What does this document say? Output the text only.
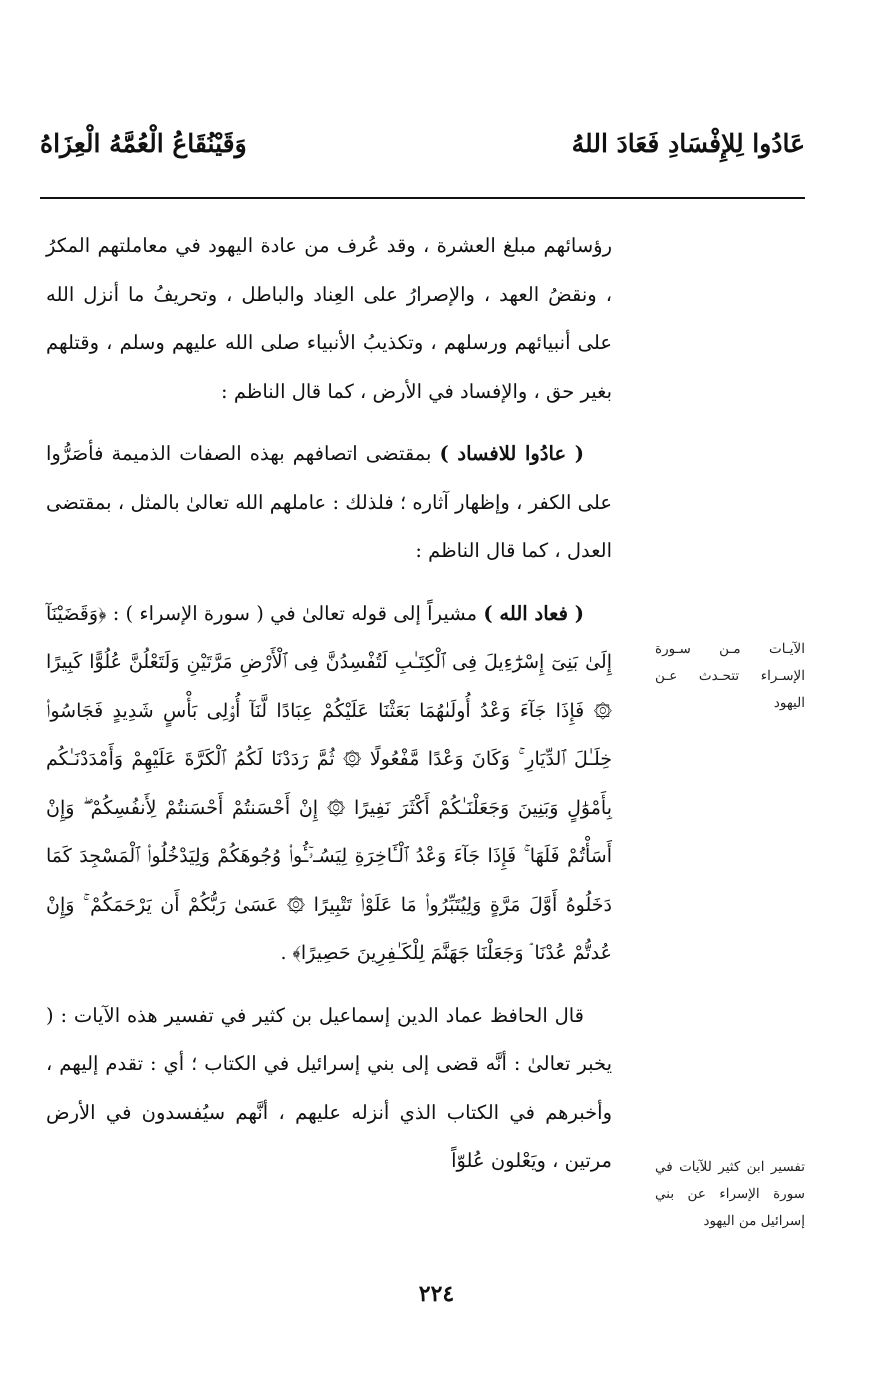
عَادُوا لِلإِفْسَادِ فَعَادَ اللهُ
وَقَيْنُقَاعُ الْعُمَّهُ الْعِزَاهُ

رؤسائهم مبلغ العشرة ، وقد عُرف من عادة اليهود في معاملتهم المكرُ ، ونقضُ العهد ، والإصرارُ على العِناد والباطل ، وتحريفُ ما أنزل الله على أنبيائهم ورسلهم ، وتكذيبُ الأنبياء صلى الله عليهم وسلم ، وقتلهم بغير حق ، والإفساد في الأرض ، كما قال الناظم :

( عادُوا للافساد ) بمقتضى اتصافهم بهذه الصفات الذميمة فأصَرُّوا على الكفر ، وإظهار آثاره ؛ فلذلك : عاملهم الله تعالىٰ بالمثل ، بمقتضى العدل ، كما قال الناظم :

( فعاد الله ) مشيراً إلى قوله تعالىٰ في ( سورة الإسراء ) : ﴿وَقَضَيْنَآ إِلَىٰ بَنِىٓ إِسْرَٰٓءِيلَ فِى ٱلْكِتَـٰبِ لَتُفْسِدُنَّ فِى ٱلْأَرْضِ مَرَّتَيْنِ وَلَتَعْلُنَّ عُلُوًّا كَبِيرًا ۞ فَإِذَا جَآءَ وَعْدُ أُولَىٰهُمَا بَعَثْنَا عَلَيْكُمْ عِبَادًا لَّنَآ أُو۟لِى بَأْسٍ شَدِيدٍ فَجَاسُوا۟ خِلَـٰلَ ٱلدِّيَارِ ۚ وَكَانَ وَعْدًا مَّفْعُولًا ۞ ثُمَّ رَدَدْنَا لَكُمُ ٱلْكَرَّةَ عَلَيْهِمْ وَأَمْدَدْنَـٰكُم بِأَمْوَٰلٍ وَبَنِينَ وَجَعَلْنَـٰكُمْ أَكْثَرَ نَفِيرًا ۞ إِنْ أَحْسَنتُمْ أَحْسَنتُمْ لِأَنفُسِكُمْ ۖ وَإِنْ أَسَأْتُمْ فَلَهَا ۚ فَإِذَا جَآءَ وَعْدُ ٱلْـَٔاخِرَةِ لِيَسُـۥٓـُٔوا۟ وُجُوهَكُمْ وَلِيَدْخُلُوا۟ ٱلْمَسْجِدَ كَمَا دَخَلُوهُ أَوَّلَ مَرَّةٍ وَلِيُتَبِّرُوا۟ مَا عَلَوْا۟ تَتْبِيرًا ۞ عَسَىٰ رَبُّكُمْ أَن يَرْحَمَكُمْ ۚ وَإِنْ عُدتُّمْ عُدْنَا ۘ وَجَعَلْنَا جَهَنَّمَ لِلْكَـٰفِرِينَ حَصِيرًا﴾ .

قال الحافظ عماد الدين إسماعيل بن كثير في تفسير هذه الآيات : ( يخبر تعالىٰ : أنَّه قضى إلى بني إسرائيل في الكتاب ؛ أي : تقدم إليهم ، وأخبرهم في الكتاب الذي أنزله عليهم ، أنَّهم سيُفسدون في الأرض مرتين ، ويَعْلون عُلوّاً

الآيـات مـن سـورة الإسـراء تتحـدث عـن اليهود
تفسير ابن كثير للآيات في سورة الإسراء عن بني إسرائيل من اليهود
٢٢٤
